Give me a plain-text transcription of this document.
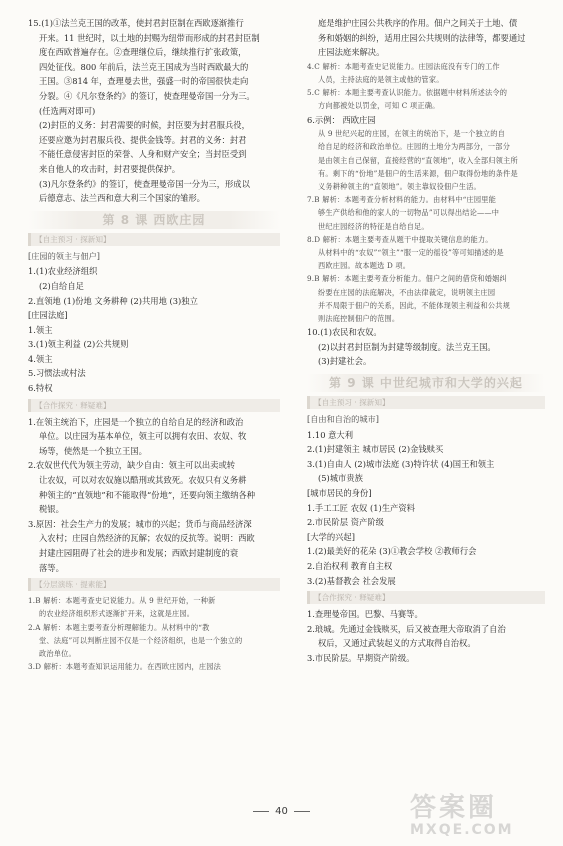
15.(1)①法兰克王国的改革，使封君封臣制在西欧逐渐推行
开来。11 世纪时，以土地的封赐为纽带而形成的封君封臣制
度在西欧普遍存在。②查理继位后，继续推行扩张政策，
四处征伐。800 年前后，法兰克王国成为当时西欧最大的
王国。③814 年，查理曼去世，强盛一时的帝国很快走向
分裂。④《凡尔登条约》的签订，使查理曼帝国一分为三。
(任选两对即可)
(2)封臣的义务：封君需要的时候，封臣要为封君服兵役，
还要应邀为封君服兵役、提供金钱等。封君的义务：封君
不能任意侵害封臣的荣誉、人身和财产安全；当封臣受到
来自他人的攻击时，封君要提供保护。
(3)凡尔登条约》的签订，使查理曼帝国一分为三，形成以
后德意志、法兰西和意大利三个国家的雏形。
第 8 课 西欧庄园
【自主预习 · 探新知】
[庄园的领主与佃户]
1.(1)农业经济组织
(2)自给自足
2.直领地 (1)份地 文务耕种 (2)共用地 (3)独立
[庄园法庭]
1.领主
3.(1)领主利益 (2)公共规则
4.领主
5.习惯法或村法
6.特权
【合作探究 · 释疑难】
1.在领主统治下，庄园是一个独立的自给自足的经济和政治
单位。以庄园为基本单位，领主可以拥有农田、农奴、牧
场等，使然是一个独立王国。
2.农奴世代代为领主劳动，缺少自由：领主可以出卖或转
让农奴，可以对农奴施以酷刑或其致死。农奴只有义务耕
种领主的“直领地”和不能取得“份地”，还要向领主缴纳各种
税银。
3.原因：社会生产力的发展；城市的兴起；货币与商品经济深
入农村；庄园自然经济的瓦解；农奴的反抗等。说明：西欧
封建庄园阻碍了社会的进步和发展；西欧封建制度的衰
落等。
【分层演练 · 提素能】
1.B 解析：本题考查史记说能力。从 9 世纪开始，一种新
的农业经济组织形式逐渐扩开来，这就是庄园。
2.A 解析：本题主要考查分析理解能力。从材料中的“教
堂、法庭”可以判断庄园不仅是一个经济组织，也是一个独立的
政治单位。
3.D 解析：本题考查知识运用能力。在西欧庄园内，庄园法
庭是维护庄园公共秩序的作用。佃户之间关于土地、债
务和婚姻的纠纷，适用庄园公共规则的法律等，都要通过
庄园法庭来解决。
4.C 解析：本题考查史记说能力。庄园法庭没有专门的工作
人员，主持法庭的是领主或他的管家。
5.C 解析：本题主要考查认识能力。依据题中材料所述法令的
方向都被处以罚金，可知 C 项正确。
6.示例： 西欧庄园
从 9 世纪兴起的庄园，在领主的统治下，是一个独立的自
给自足的经济和政治单位。庄园的土地分为两部分，一部分
是由领主自己保留，直接经营的“直领地”，收入全部归领主所
有。剩下的“份地”是佃户的生活来源，佃户取得份地的条件是
义务耕种领主的“直领地”。领主靠奴役佃户生活。
7.B 解析：本题考查分析材料的能力。由材料中“庄园里能
够生产供给和他的家人的一切物品”可以得出结论——中
世纪庄园经济的特征是自给自足。
8.D 解析：本题主要考查从题干中提取关键信息的能力。
从材料中的“农奴”“领主”“服一定的徭役”等可知描述的是
西欧庄园。故本题选 D 项。
9.B 解析：本题主要考查分析能力。佃户之间的借贷和婚姻纠
纷要在庄园的法庭解决，不由法律裁定，说明领主庄园
并不局限于佃户的关系，因此，不能体现领主利益和公共规
则法庭控制佃户的范围。
10.(1)农民和农奴。
(2)以封君封臣制为封建等级制度。法兰克王国。
(3)封建社会。
第 9 课 中世纪城市和大学的兴起
【自主预习 · 探新知】
[自由和自治的城市]
1.10 意大利
2.(1)封建领主 城市居民 (2)金钱赎买
3.(1)自由人 (2)城市法庭 (3)特许状 (4)国王和领主
(5)城市贵族
[城市居民的身份]
1.手工工匠 农奴 (1)生产资料
2.市民阶层 资产阶级
[大学的兴起]
1.(2)最美好的花朵 (3)①教会学校 ②教师行会
2.自治权利 教育自主权
3.(2)基督教会 社会发展
【合作探究 · 释疑难】
1.查理曼帝国。巴黎、马赛等。
2.琅城。先通过金钱赎买，后又被查理大帝取消了自治
权后，又通过武装起义的方式取得自治权。
3.市民阶层。早期资产阶级。
40	答案圈
MXQE.COM
